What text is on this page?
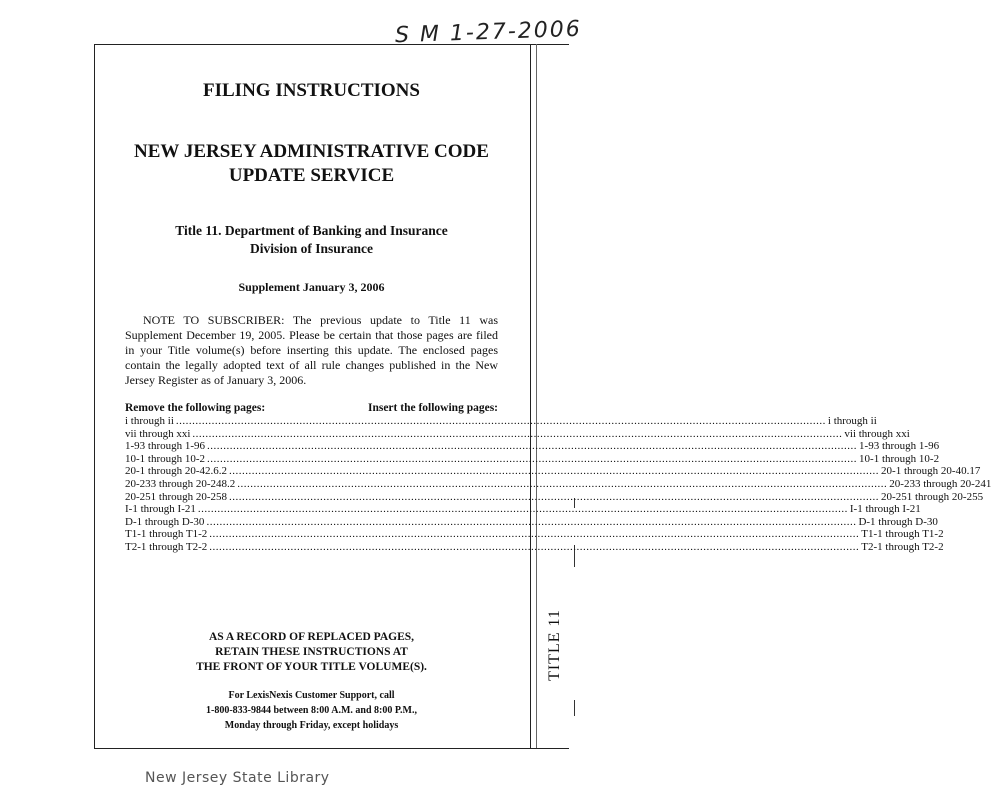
S M 1-27-2006
TITLE 11
FILING INSTRUCTIONS
NEW JERSEY ADMINISTRATIVE CODE
UPDATE SERVICE
Title 11. Department of Banking and Insurance
Division of Insurance

Supplement January 3, 2006

NOTE TO SUBSCRIBER: The previous update to Title 11 was Supplement December 19, 2005. Please be certain that those pages are filed in your Title volume(s) before inserting this update. The enclosed pages contain the legally adopted text of all rule changes published in the New Jersey Register as of January 3, 2006.

Remove the following pages:	Insert the following pages:
i through ii ........................................................................................................................................................................................................ i through ii
vii through xxi ........................................................................................................................................................................................................ vii through xxi
1-93 through 1-96 ........................................................................................................................................................................................................ 1-93 through 1-96
10-1 through 10-2 ........................................................................................................................................................................................................ 10-1 through 10-2
20-1 through 20-42.6.2 ........................................................................................................................................................................................................ 20-1 through 20-40.17
20-233 through 20-248.2 ........................................................................................................................................................................................................ 20-233 through 20-241
20-251 through 20-258 ........................................................................................................................................................................................................ 20-251 through 20-255
I-1 through I-21 ........................................................................................................................................................................................................ I-1 through I-21
D-1 through D-30 ........................................................................................................................................................................................................ D-1 through D-30
T1-1 through T1-2 ........................................................................................................................................................................................................ T1-1 through T1-2
T2-1 through T2-2 ........................................................................................................................................................................................................ T2-1 through T2-2

AS A RECORD OF REPLACED PAGES,
RETAIN THESE INSTRUCTIONS AT
THE FRONT OF YOUR TITLE VOLUME(S).

For LexisNexis Customer Support, call
1-800-833-9844 between 8:00 A.M. and 8:00 P.M.,
Monday through Friday, except holidays

New Jersey State Library
